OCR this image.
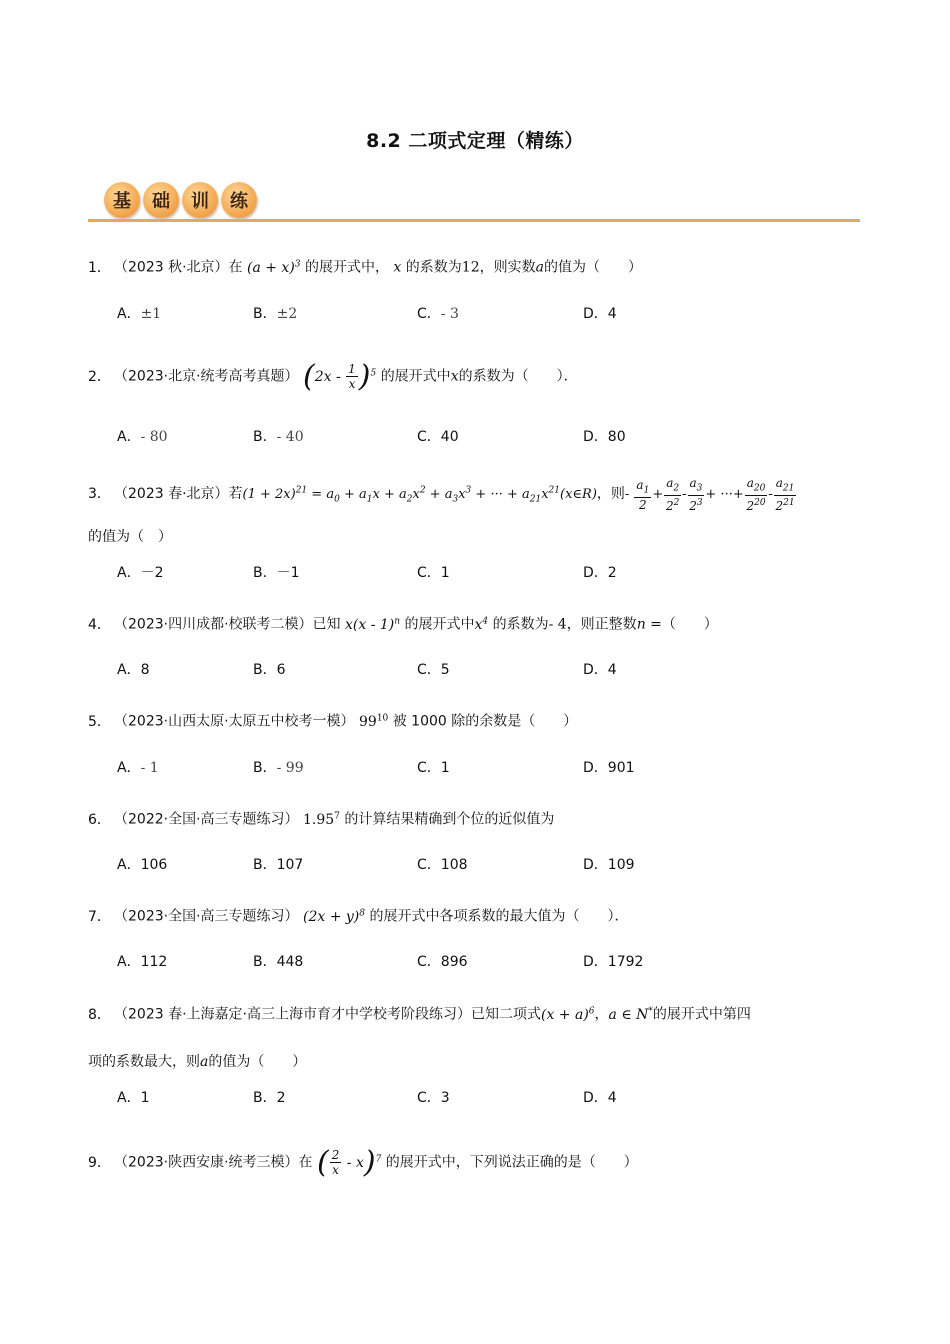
8.2 二项式定理（精练）
基	础	训	练
1． （2023 秋·北京）在 $(a + x)^3$ 的展开式中， x 的系数为12，则实数a的值为（　　）
A．±1	B．±2	C．- 3	D．4
2． （2023·北京·统考高考真题） $(2x - \frac{1}{x} )^5$ 的展开式中x的系数为（　　）．
A．- 80	B．- 40	C．40	D．80
3． （2023 春·北京）若$(1 + 2x)^{21} = a_0 + a_1x + a_2x^2 + a_3x^3$ + ··· + $a_{21}x^{21}(x\in R)$，则- $\frac{a_1}{2} + \frac{a_2}{2^2} - \frac{a_3}{2^3}$ + ···+ $\frac{a_{20}}{2^{20}} - \frac{a_{21}}{2^{21}}$
的值为（　）
A．－2	B．－1	C．1	D．2
4． （2023·四川成都·校联考二模）已知 x(x - 1)$^n$ 的展开式中$x^4$ 的系数为- 4，则正整数n =（　　）
A．8	B．6	C．5	D．4
5． （2023·山西太原·太原五中校考一模） $99^{10}$ 被 1000 除的余数是（　　）
A．- 1	B．- 99	C．1	D．901
6． （2022·全国·高三专题练习） 1.95$^7$ 的计算结果精确到个位的近似值为
A．106	B．107	C．108	D．109
7． （2023·全国·高三专题练习） $(2x + y)^8$ 的展开式中各项系数的最大值为（　　）．
A．112	B．448	C．896	D．1792
8． （2023 春·上海嘉定·高三上海市育才中学校考阶段练习）已知二项式$(x + a)^6$，a ∈ N*的展开式中第四
项的系数最大，则a的值为（　　）
A．1	B．2	C．3	D．4
9． （2023·陕西安康·统考三模）在 ( $\frac{2}{x} - x)^7$ 的展开式中，下列说法正确的是（　　）
